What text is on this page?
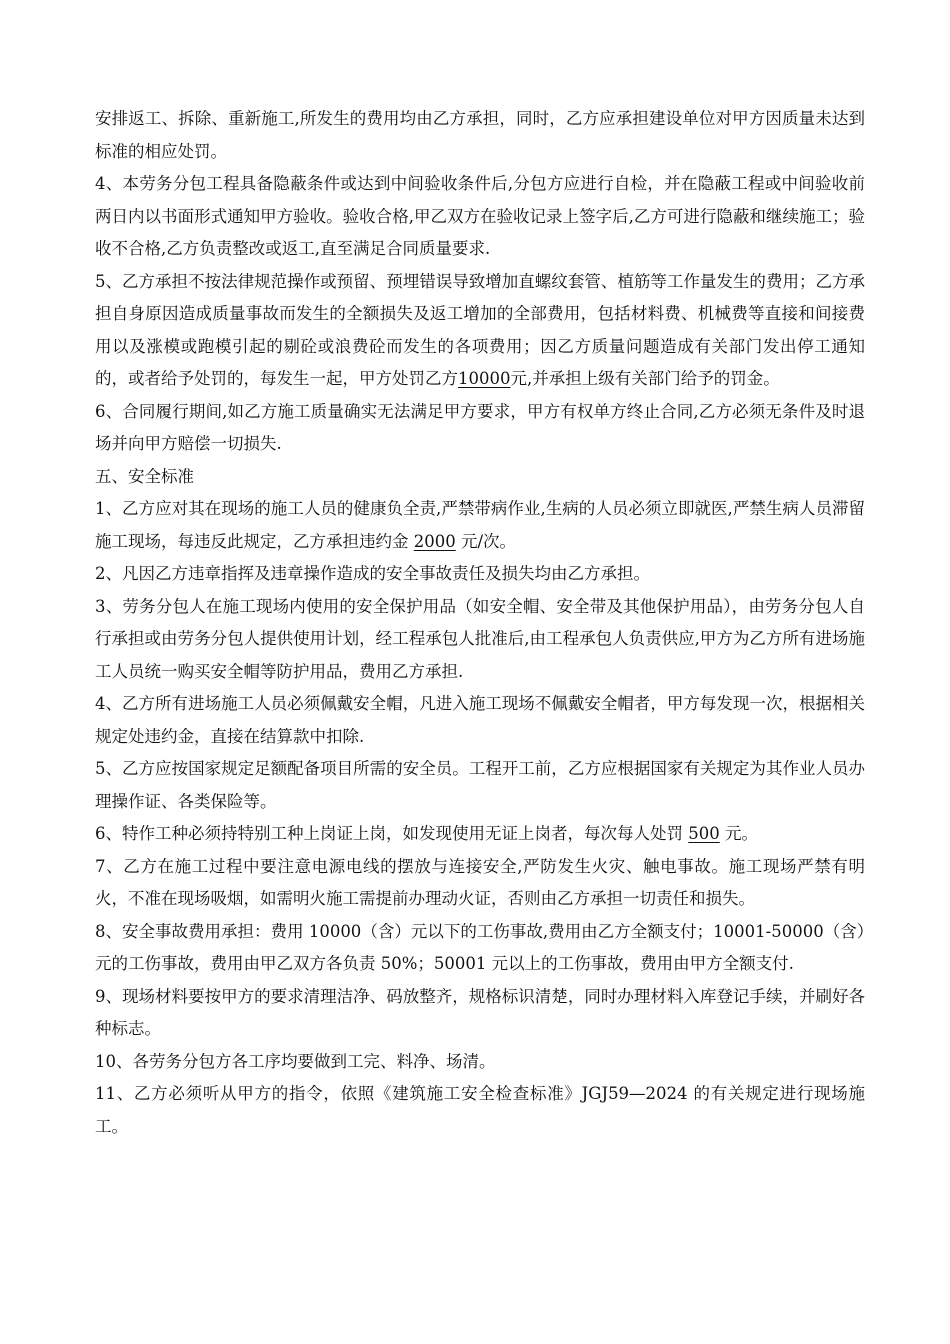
安排返工、拆除、重新施工,所发生的费用均由乙方承担，同时，乙方应承担建设单位对甲方因质量未达到标准的相应处罚。

4、本劳务分包工程具备隐蔽条件或达到中间验收条件后,分包方应进行自检，并在隐蔽工程或中间验收前两日内以书面形式通知甲方验收。验收合格,甲乙双方在验收记录上签字后,乙方可进行隐蔽和继续施工；验收不合格,乙方负责整改或返工,直至满足合同质量要求.

5、乙方承担不按法律规范操作或预留、预埋错误导致增加直螺纹套管、植筋等工作量发生的费用；乙方承担自身原因造成质量事故而发生的全额损失及返工增加的全部费用，包括材料费、机械费等直接和间接费用以及涨模或跑模引起的剔砼或浪费砼而发生的各项费用；因乙方质量问题造成有关部门发出停工通知的，或者给予处罚的，每发生一起，甲方处罚乙方10000元,并承担上级有关部门给予的罚金。

6、合同履行期间,如乙方施工质量确实无法满足甲方要求，甲方有权单方终止合同,乙方必须无条件及时退场并向甲方赔偿一切损失.

五、安全标准

1、乙方应对其在现场的施工人员的健康负全责,严禁带病作业,生病的人员必须立即就医,严禁生病人员滞留施工现场，每违反此规定，乙方承担违约金 2000 元/次。

2、凡因乙方违章指挥及违章操作造成的安全事故责任及损失均由乙方承担。

3、劳务分包人在施工现场内使用的安全保护用品（如安全帽、安全带及其他保护用品），由劳务分包人自行承担或由劳务分包人提供使用计划，经工程承包人批准后,由工程承包人负责供应,甲方为乙方所有进场施工人员统一购买安全帽等防护用品，费用乙方承担.

4、乙方所有进场施工人员必须佩戴安全帽，凡进入施工现场不佩戴安全帽者，甲方每发现一次，根据相关规定处违约金，直接在结算款中扣除.

5、乙方应按国家规定足额配备项目所需的安全员。工程开工前，乙方应根据国家有关规定为其作业人员办理操作证、各类保险等。

6、特作工种必须持特别工种上岗证上岗，如发现使用无证上岗者，每次每人处罚 500 元。

7、乙方在施工过程中要注意电源电线的摆放与连接安全,严防发生火灾、触电事故。施工现场严禁有明火，不准在现场吸烟，如需明火施工需提前办理动火证，否则由乙方承担一切责任和损失。

8、安全事故费用承担：费用 10000（含）元以下的工伤事故,费用由乙方全额支付；10001-50000（含）元的工伤事故，费用由甲乙双方各负责 50%；50001 元以上的工伤事故，费用由甲方全额支付.

9、现场材料要按甲方的要求清理洁净、码放整齐，规格标识清楚，同时办理材料入库登记手续，并刷好各种标志。

10、各劳务分包方各工序均要做到工完、料净、场清。

11、乙方必须听从甲方的指令，依照《建筑施工安全检查标准》JGJ59—2024 的有关规定进行现场施工。
